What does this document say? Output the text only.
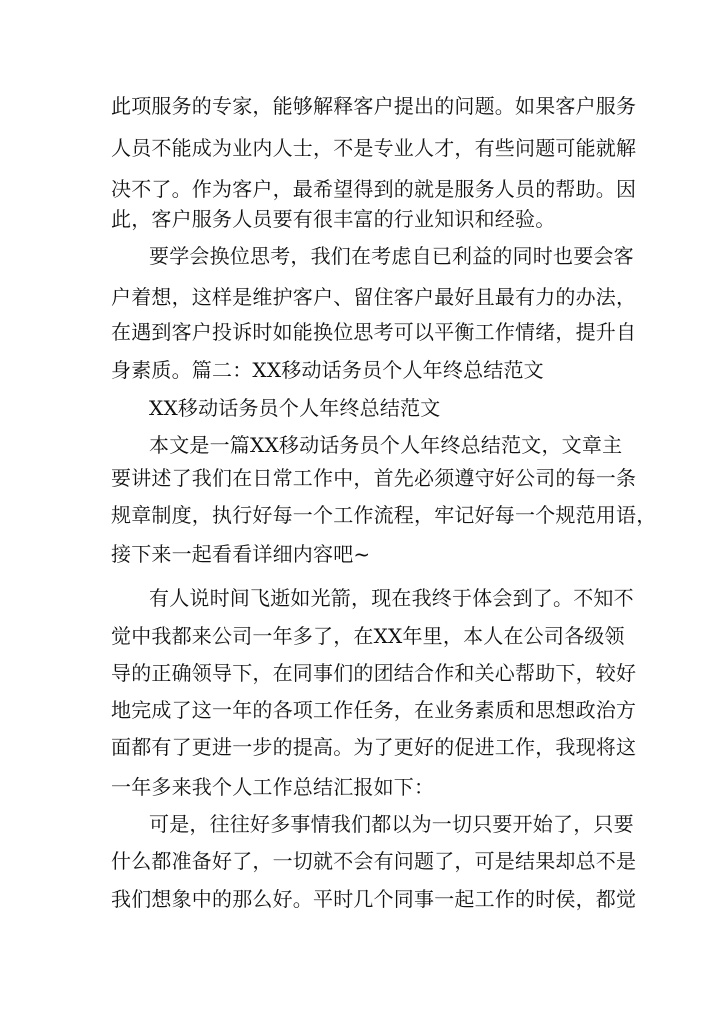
此项服务的专家，能够解释客户提出的问题。如果客户服务
人员不能成为业内人士，不是专业人才，有些问题可能就解
决不了。作为客户，最希望得到的就是服务人员的帮助。因
此，客户服务人员要有很丰富的行业知识和经验。
要学会换位思考，我们在考虑自已利益的同时也要会客
户着想，这样是维护客户、留住客户最好且最有力的办法，
在遇到客户投诉时如能换位思考可以平衡工作情绪，提升自
身素质。篇二：XX移动话务员个人年终总结范文
XX移动话务员个人年终总结范文
本文是一篇XX移动话务员个人年终总结范文，文章主
要讲述了我们在日常工作中，首先必须遵守好公司的每一条
规章制度，执行好每一个工作流程，牢记好每一个规范用语，
接下来一起看看详细内容吧~
有人说时间飞逝如光箭，现在我终于体会到了。不知不
觉中我都来公司一年多了，在XX年里，本人在公司各级领
导的正确领导下，在同事们的团结合作和关心帮助下，较好
地完成了这一年的各项工作任务，在业务素质和思想政治方
面都有了更进一步的提高。为了更好的促进工作，我现将这
一年多来我个人工作总结汇报如下：
可是，往往好多事情我们都以为一切只要开始了，只要
什么都准备好了，一切就不会有问题了，可是结果却总不是
我们想象中的那么好。平时几个同事一起工作的时侯，都觉
